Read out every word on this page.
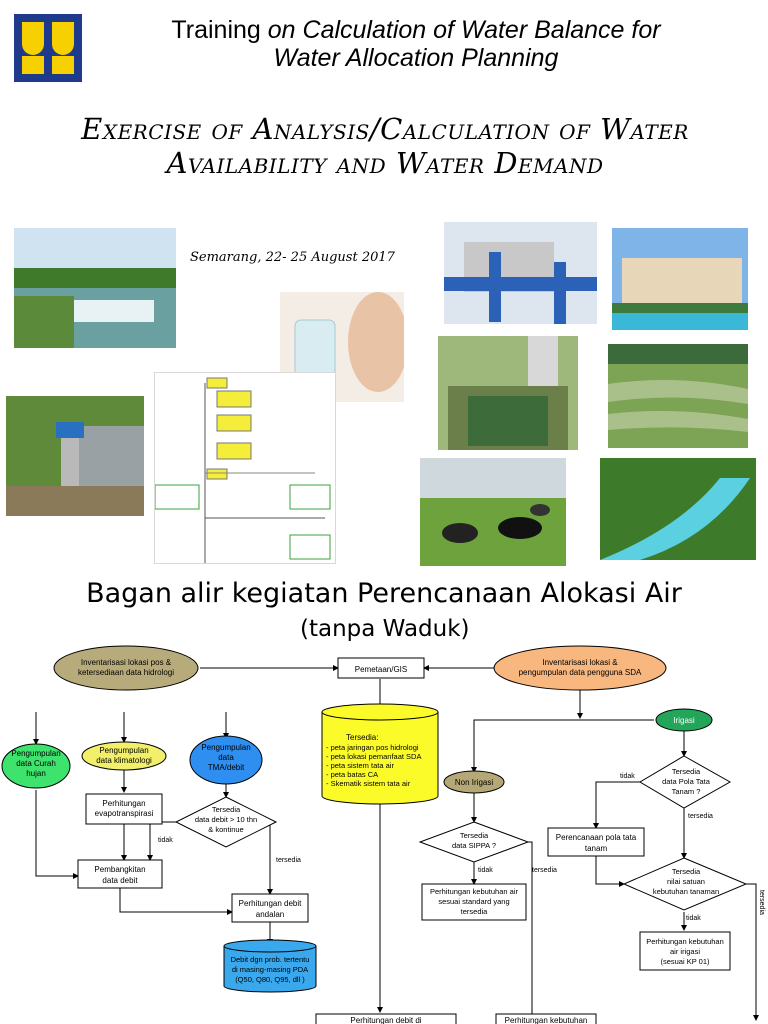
Training on Calculation of Water Balance for
Water Allocation Planning
Exercise of Analysis/Calculation of Water
Availability and Water Demand
Semarang, 22- 25 August 2017
Bagan alir kegiatan Perencanaan Alokasi Air
(tanpa Waduk)
Inventarisasi lokasi pos &
ketersediaan data hidrologi	Pemetaan/GIS
Inventarisasi lokasi &
pengumpulan data pengguna SDA
Pengumpulan
data Curah
hujan
Pengumpulan
data klimatologi
Pengumpulan
data
TMA/debit
Tersedia:
- peta jaringan pos hidrologi
- peta lokasi pemanfaat SDA
- peta sistem tata air
- peta batas CA
- Skematik sistem tata air
Irigasi
Non Irigasi
Perhitungan
evapotranspirasi	Tersedia
data debit > 10 thn
& kontinue
Tersedia
data Pola Tata
Tanam ?
Tersedia
data SIPPA ?
Perencanaan pola tata
tanam
Pembangkitan
data debit
Tersedia
nilai satuan
kebutuhan tanaman
Perhitungan kebutuhan air
sesuai standard yang
tersedia
Perhitungan debit
andalan
Perhitungan kebutuhan
air irigasi
(sesuai KP 01)
Debit dgn prob. tertentu
di masing-masing PDA
(Q50, Q80, Q95, dll )
Perhitungan debit di	Perhitungan kebutuhan
tidak
tersedia
tidak
tersedia
tidak	tersedia
tidak
tersedia
